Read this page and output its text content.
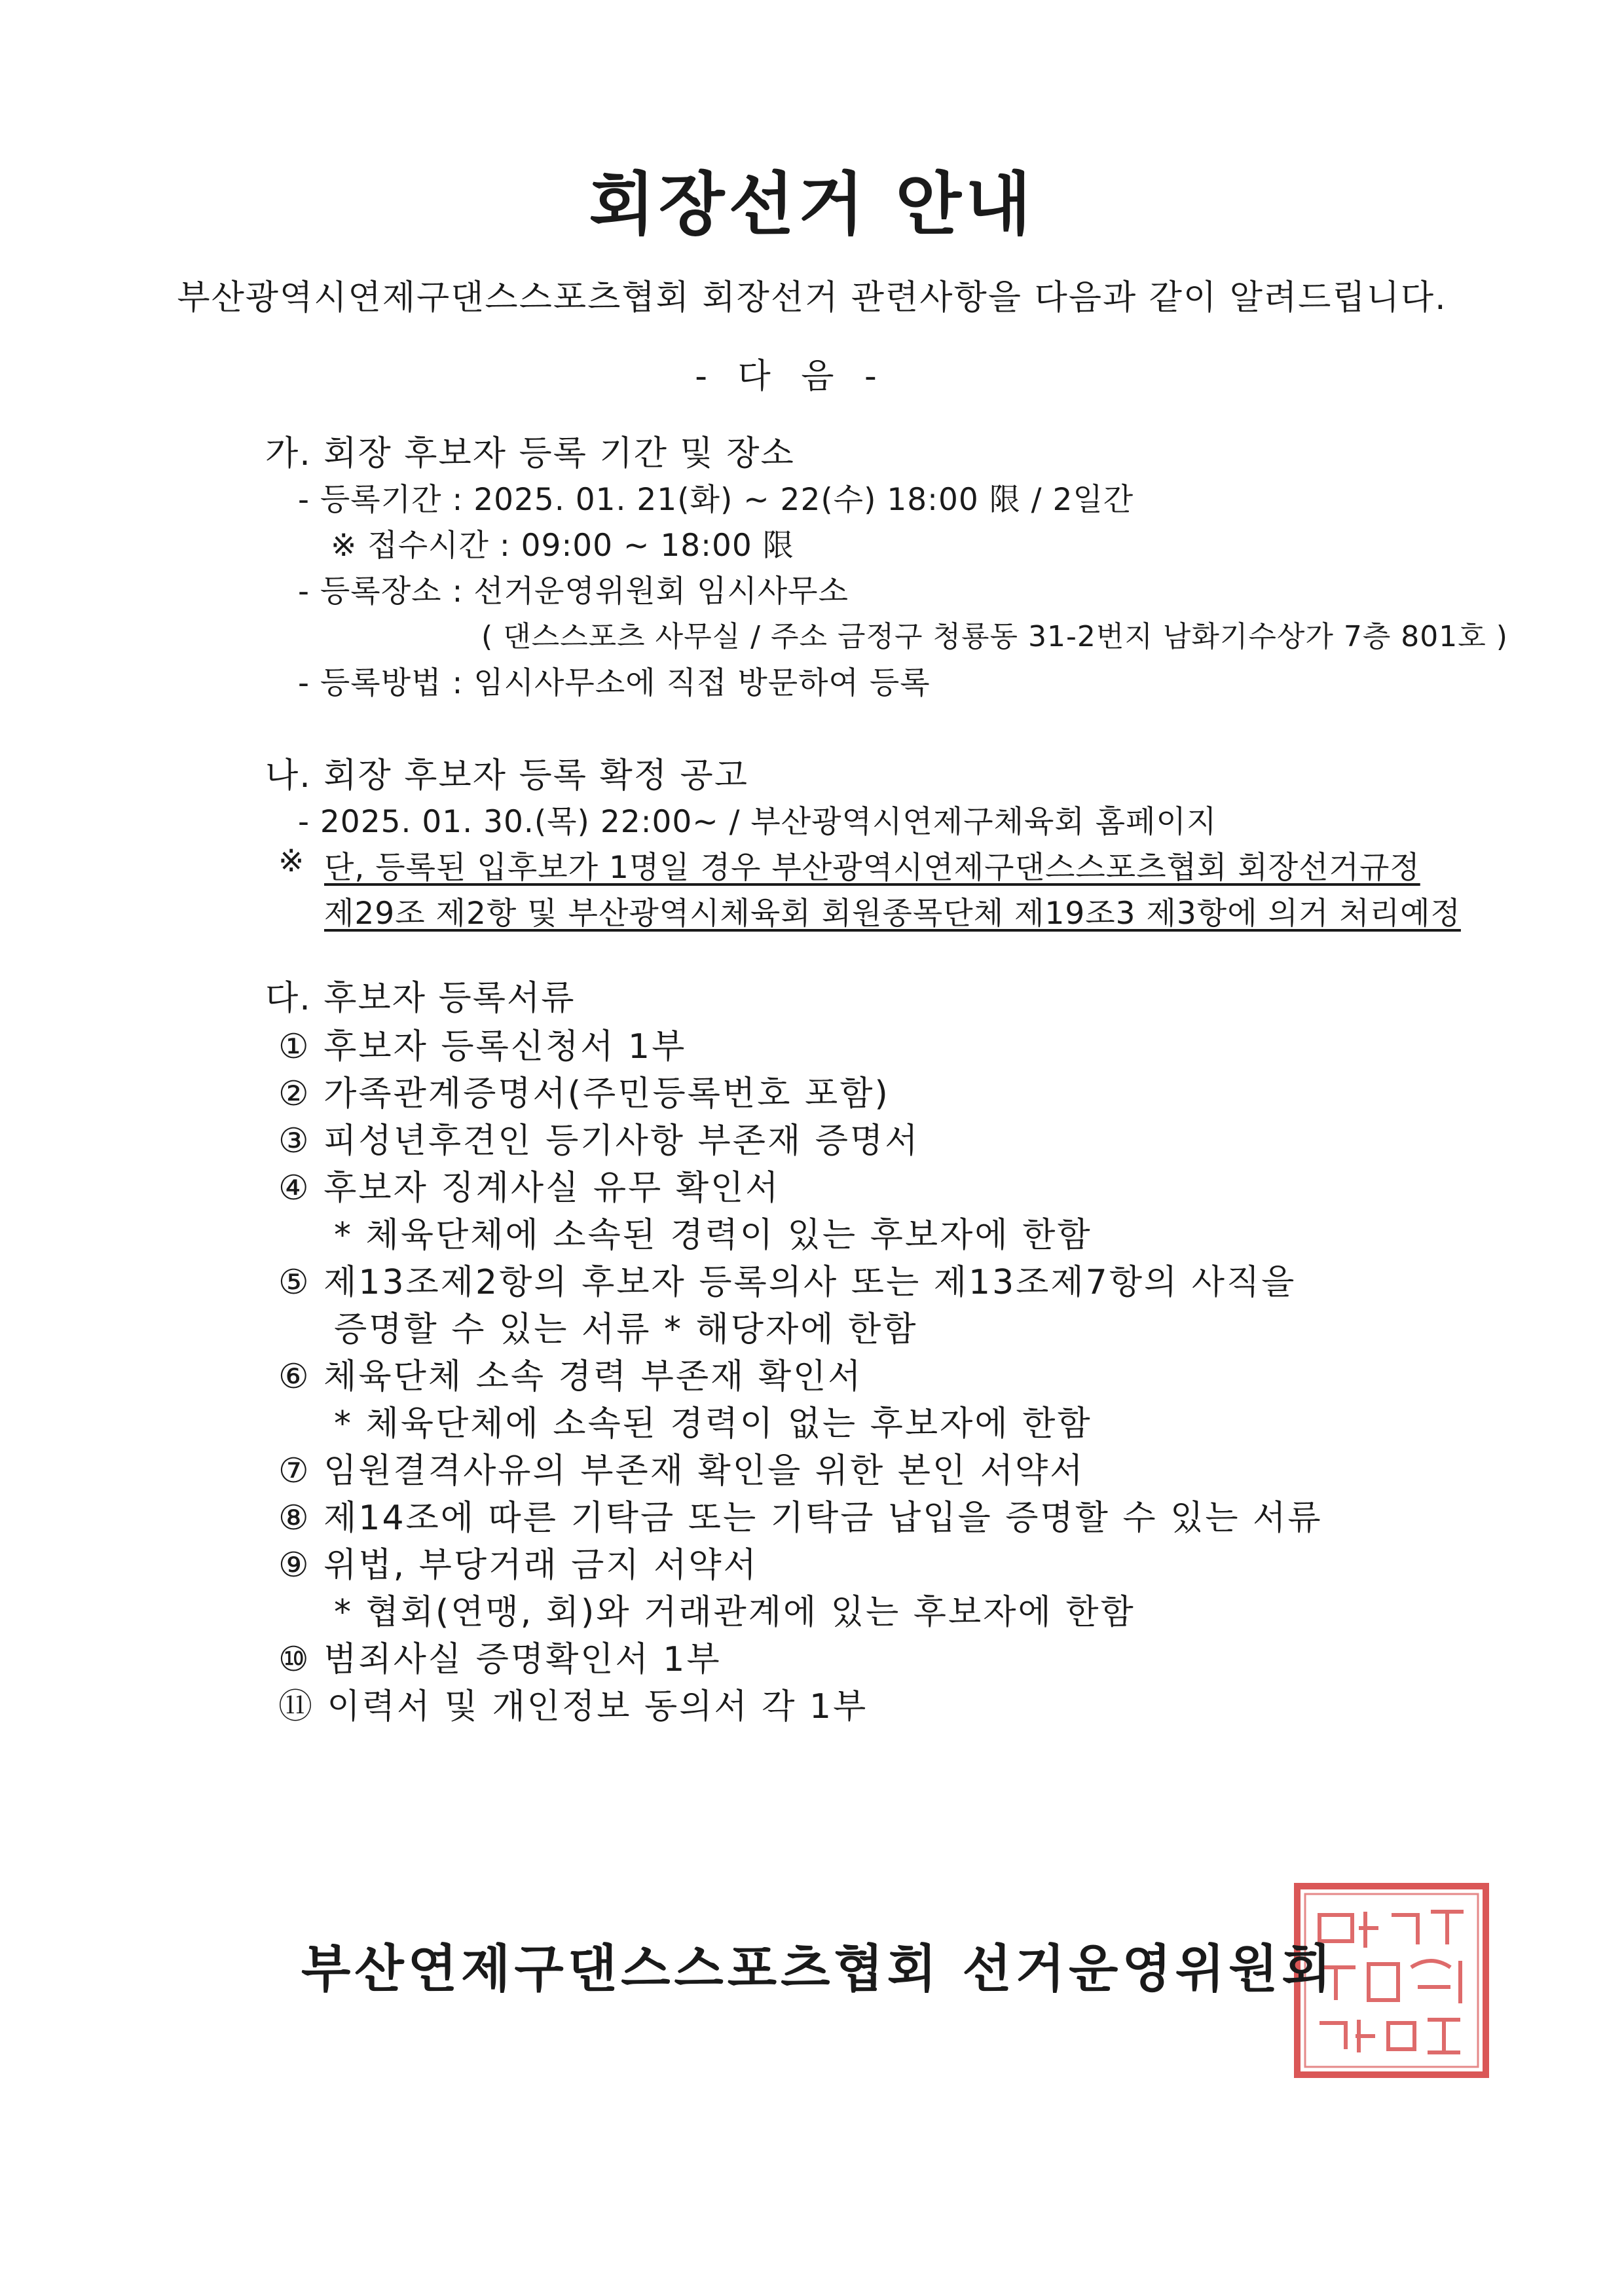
회장선거 안내
부산광역시연제구댄스스포츠협회 회장선거 관련사항을 다음과 같이 알려드립니다.
- 다 음 -
가. 회장 후보자 등록 기간 및 장소
- 등록기간 : 2025. 01. 21(화) ~ 22(수) 18:00 限 / 2일간
※ 접수시간 : 09:00 ~ 18:00 限
- 등록장소 : 선거운영위원회 임시사무소
( 댄스스포츠 사무실 / 주소 금정구 청룡동 31-2번지 남화기수상가 7층 801호 )
- 등록방법 : 임시사무소에 직접 방문하여 등록
나. 회장 후보자 등록 확정 공고
- 2025. 01. 30.(목) 22:00~ / 부산광역시연제구체육회 홈페이지
※ 단, 등록된 입후보가 1명일 경우 부산광역시연제구댄스스포츠협회 회장선거규정
제29조 제2항 및 부산광역시체육회 회원종목단체 제19조3 제3항에 의거 처리예정
다. 후보자 등록서류
① 후보자 등록신청서 1부
② 가족관계증명서(주민등록번호 포함)
③ 피성년후견인 등기사항 부존재 증명서
④ 후보자 징계사실 유무 확인서
* 체육단체에 소속된 경력이 있는 후보자에 한함
⑤ 제13조제2항의 후보자 등록의사 또는 제13조제7항의 사직을
증명할 수 있는 서류 * 해당자에 한함
⑥ 체육단체 소속 경력 부존재 확인서
* 체육단체에 소속된 경력이 없는 후보자에 한함
⑦ 임원결격사유의 부존재 확인을 위한 본인 서약서
⑧ 제14조에 따른 기탁금 또는 기탁금 납입을 증명할 수 있는 서류
⑨ 위법, 부당거래 금지 서약서
* 협회(연맹, 회)와 거래관계에 있는 후보자에 한함
⑩ 범죄사실 증명확인서 1부
⑪ 이력서 및 개인정보 동의서 각 1부
부산연제구댄스스포츠협회 선거운영위원회
